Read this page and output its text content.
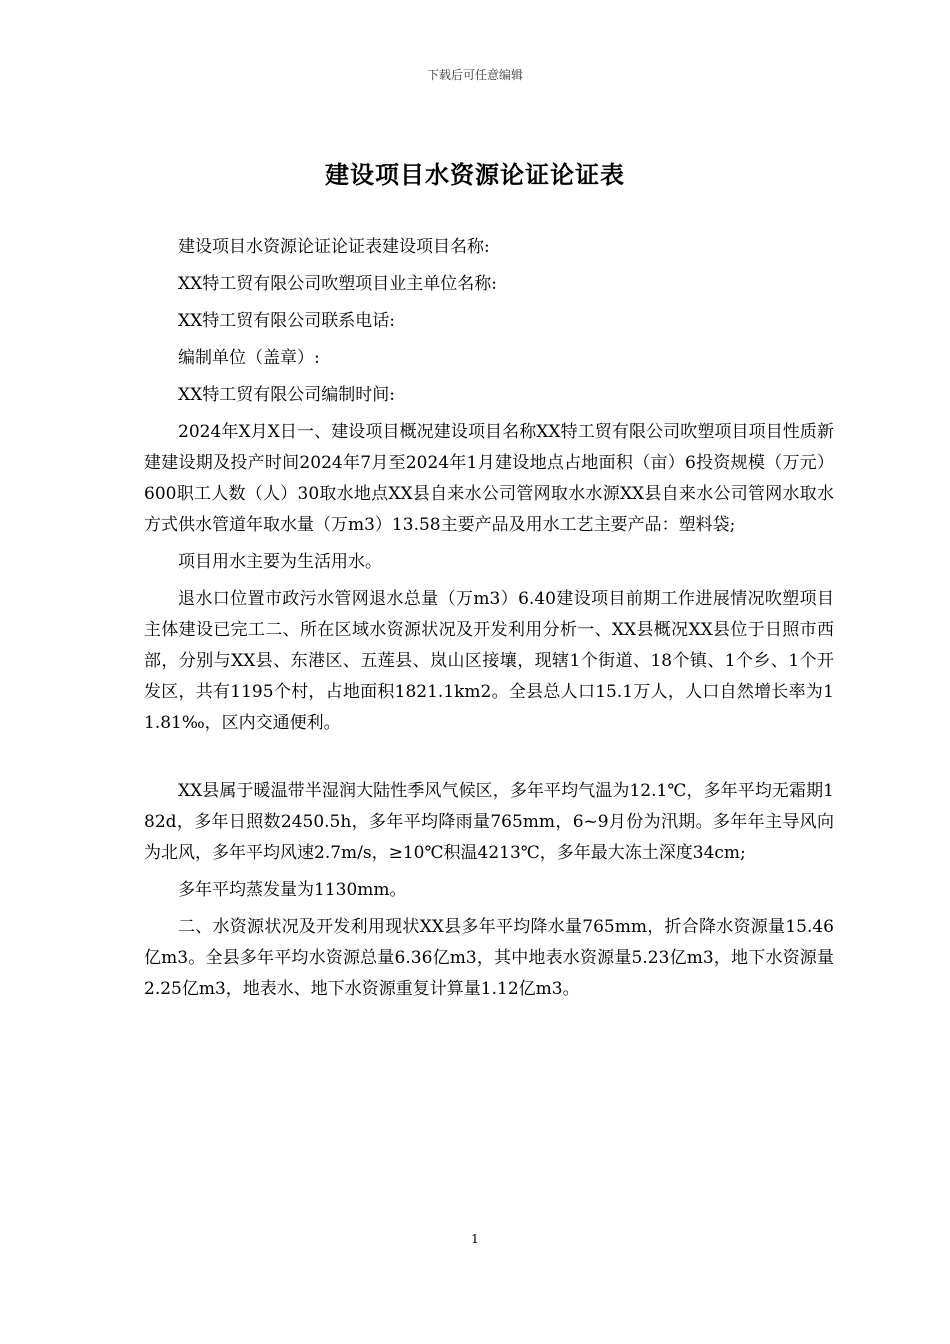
下载后可任意编辑
建设项目水资源论证论证表

建设项目水资源论证论证表建设项目名称:

XX特工贸有限公司吹塑项目业主单位名称:

XX特工贸有限公司联系电话:

编制单位（盖章）:

XX特工贸有限公司编制时间:

2024年X月X日一、建设项目概况建设项目名称XX特工贸有限公司吹塑项目项目性质新建建设期及投产时间2024年7月至2024年1月建设地点占地面积（亩）6投资规模（万元）600职工人数（人）30取水地点XX县自来水公司管网取水水源XX县自来水公司管网水取水方式供水管道年取水量（万m3）13.58主要产品及用水工艺主要产品：塑料袋;

项目用水主要为生活用水。

退水口位置市政污水管网退水总量（万m3）6.40建设项目前期工作进展情况吹塑项目主体建设已完工二、所在区域水资源状况及开发利用分析一、XX县概况XX县位于日照市西部，分别与XX县、东港区、五莲县、岚山区接壤，现辖1个街道、18个镇、1个乡、1个开发区，共有1195个村，占地面积1821.1km2。全县总人口15.1万人，人口自然增长率为11.81‰，区内交通便利。

XX县属于暖温带半湿润大陆性季风气候区，多年平均气温为12.1℃，多年平均无霜期182d，多年日照数2450.5h，多年平均降雨量765mm，6~9月份为汛期。多年年主导风向为北风，多年平均风速2.7m/s，≥10℃积温4213℃，多年最大冻土深度34cm;

多年平均蒸发量为1130mm。

二、水资源状况及开发利用现状XX县多年平均降水量765mm，折合降水资源量15.46亿m3。全县多年平均水资源总量6.36亿m3，其中地表水资源量5.23亿m3，地下水资源量2.25亿m3，地表水、地下水资源重复计算量1.12亿m3。

1
